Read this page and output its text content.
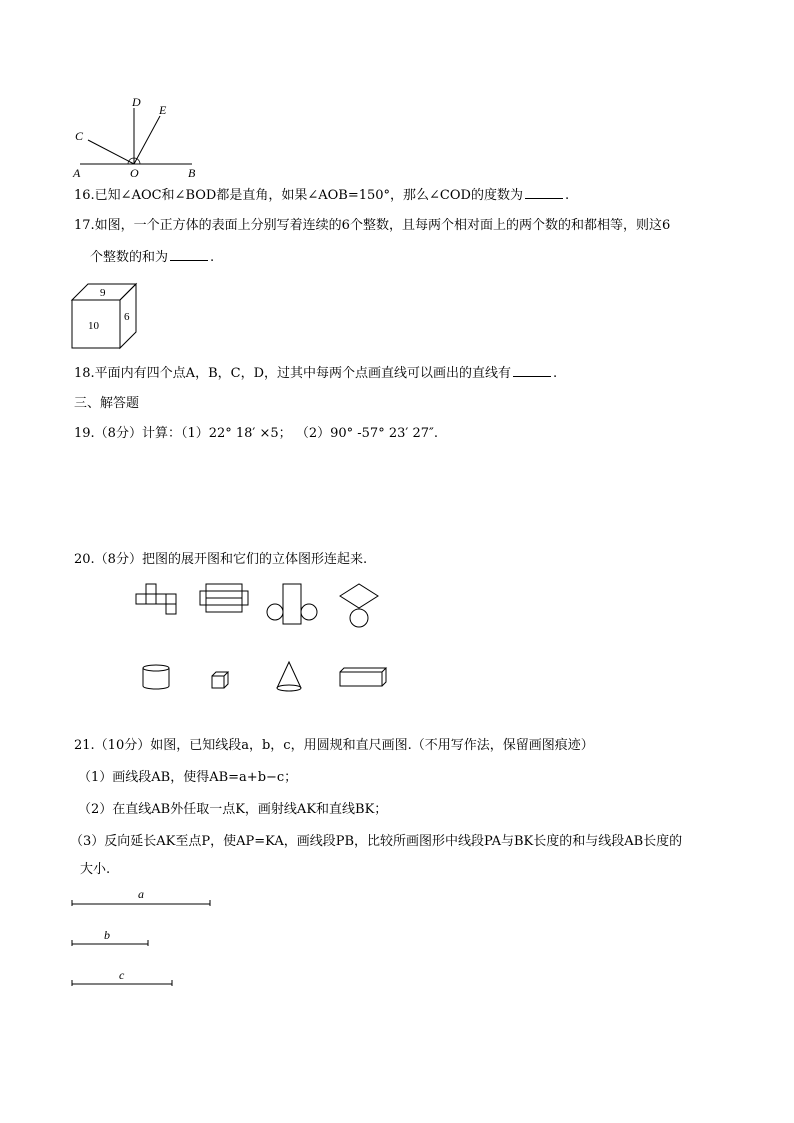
D
E
C
A	O	B
16.已知∠AOC和∠BOD都是直角，如果∠AOB=150°，那么∠COD的度数为	.
17.如图，一个正方体的表面上分别写着连续的6个整数，且每两个相对面上的两个数的和都相等，则这6
个整数的和为	.
9
10
6
18.平面内有四个点A，B，C，D，过其中每两个点画直线可以画出的直线有	.
三、解答题
19.（8分）计算：（1）22° 18′ ×5； （2）90° -57° 23′ 27″.
20.（8分）把图的展开图和它们的立体图形连起来.
21.（10分）如图，已知线段a，b，c，用圆规和直尺画图.（不用写作法，保留画图痕迹）
（1）画线段AB，使得AB=a+b−c；
（2）在直线AB外任取一点K，画射线AK和直线BK；
（3）反向延长AK至点P，使AP=KA，画线段PB，比较所画图形中线段PA与BK长度的和与线段AB长度的
大小.
a
b
c
